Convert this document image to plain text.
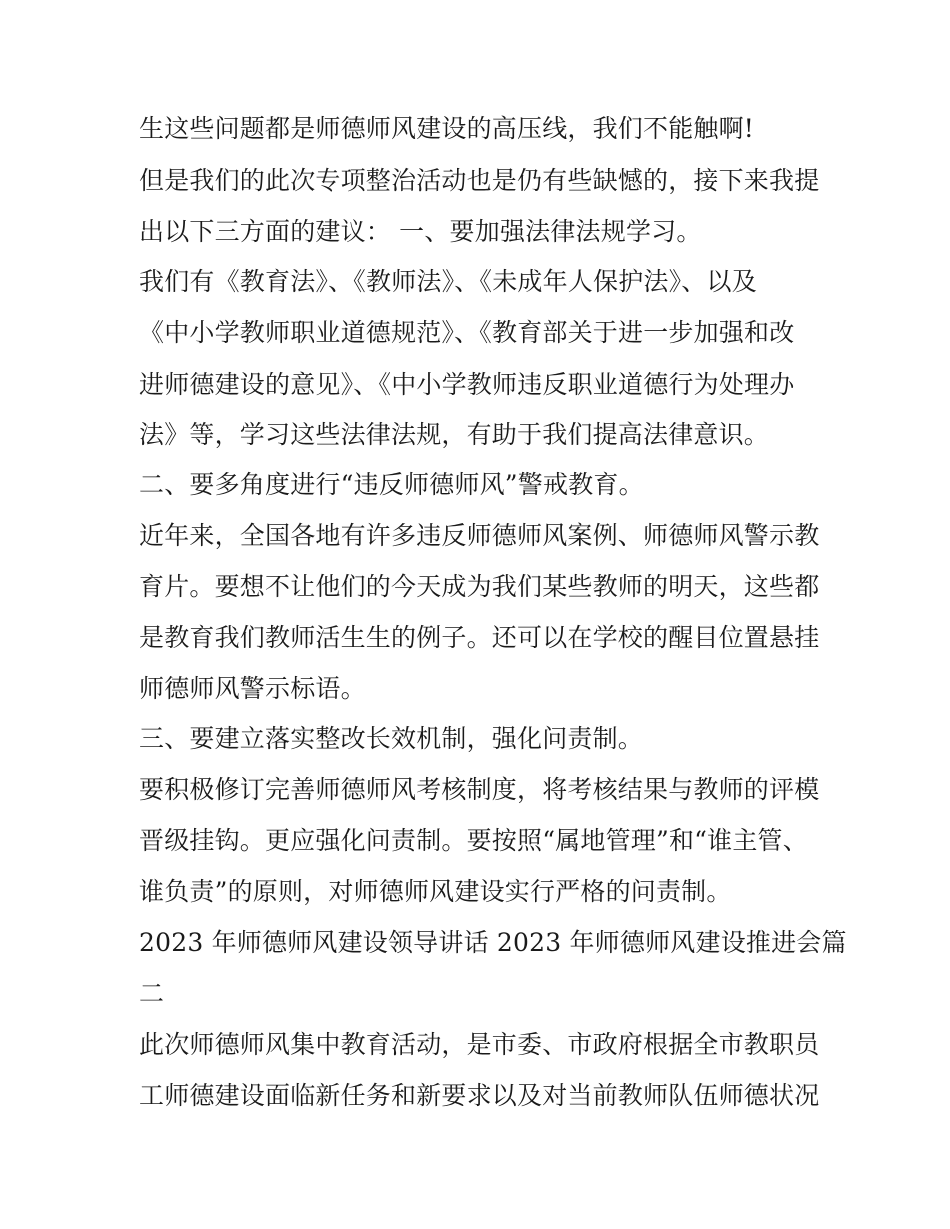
生这些问题都是师德师风建设的高压线，我们不能触啊!
但是我们的此次专项整治活动也是仍有些缺憾的，接下来我提
出以下三方面的建议： 一、要加强法律法规学习。
我们有《教育法》、《教师法》、《未成年人保护法》、以及
《中小学教师职业道德规范》、《教育部关于进一步加强和改
进师德建设的意见》、《中小学教师违反职业道德行为处理办
法》等，学习这些法律法规，有助于我们提高法律意识。
二、要多角度进行“违反师德师风”警戒教育。
近年来，全国各地有许多违反师德师风案例、师德师风警示教
育片。要想不让他们的今天成为我们某些教师的明天，这些都
是教育我们教师活生生的例子。还可以在学校的醒目位置悬挂
师德师风警示标语。
三、要建立落实整改长效机制，强化问责制。
要积极修订完善师德师风考核制度，将考核结果与教师的评模
晋级挂钩。更应强化问责制。要按照“属地管理”和“谁主管、
谁负责”的原则，对师德师风建设实行严格的问责制。
2023 年师德师风建设领导讲话 2023 年师德师风建设推进会篇
二
此次师德师风集中教育活动，是市委、市政府根据全市教职员
工师德建设面临新任务和新要求以及对当前教师队伍师德状况
